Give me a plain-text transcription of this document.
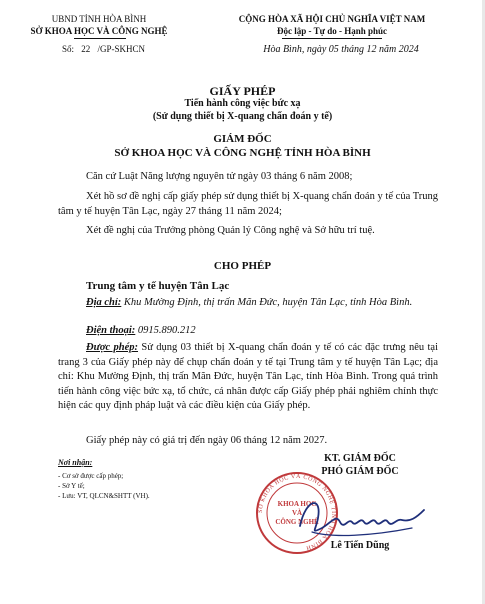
UBND TỈNH HÒA BÌNH
SỞ KHOA HỌC VÀ CÔNG NGHỆ
Số: 22 /GP-SKHCN
CỘNG HÒA XÃ HỘI CHỦ NGHĨA VIỆT NAM
Độc lập - Tự do - Hạnh phúc
Hòa Bình, ngày 05 tháng 12 năm 2024
GIẤY PHÉP
Tiến hành công việc bức xạ
(Sử dụng thiết bị X-quang chẩn đoán y tế)
GIÁM ĐỐC
SỞ KHOA HỌC VÀ CÔNG NGHỆ TỈNH HÒA BÌNH
Căn cứ Luật Năng lượng nguyên tử ngày 03 tháng 6 năm 2008;
Xét hồ sơ đề nghị cấp giấy phép sử dụng thiết bị X-quang chẩn đoán y tế của Trung tâm y tế huyện Tân Lạc, ngày 27 tháng 11 năm 2024;
Xét đề nghị của Trưởng phòng Quản lý Công nghệ và Sở hữu trí tuệ.
CHO PHÉP
Trung tâm y tế huyện Tân Lạc
Địa chỉ: Khu Mường Định, thị trấn Mãn Đức, huyện Tân Lạc, tỉnh Hòa Bình.
Điện thoại: 0915.890.212
Được phép: Sử dụng 03 thiết bị X-quang chẩn đoán y tế có các đặc trưng nêu tại trang 3 của Giấy phép này để chụp chẩn đoán y tế tại Trung tâm y tế huyện Tân Lạc; địa chỉ: Khu Mường Định, thị trấn Mãn Đức, huyện Tân Lạc, tỉnh Hòa Bình. Trong quá trình tiến hành công việc bức xạ, tổ chức, cá nhân được cấp Giấy phép phải nghiêm chỉnh thực hiện các quy định pháp luật và các điều kiện của Giấy phép.
Giấy phép này có giá trị đến ngày 06 tháng 12 năm 2027.
Nơi nhận:
- Cơ sở được cấp phép;
- Sở Y tế;
- Lưu: VT, QLCN&SHTT (VH).
KT. GIÁM ĐỐC
PHÓ GIÁM ĐỐC
SỞ KHOA HỌC VÀ CÔNG NGHỆ TỈNH HÒA BÌNH
KHOA HỌC
VÀ
CÔNG NGHỆ
Lê Tiến Dũng
